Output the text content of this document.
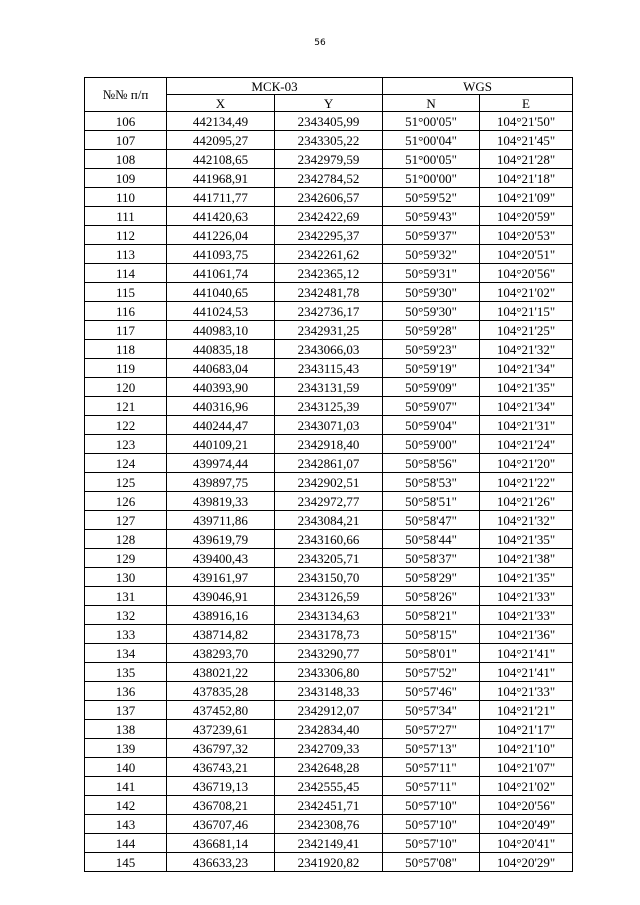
56
№№ п/п	МСК-03		WGS	
	X	Y	N	E
106	442134,49	2343405,99	51°00'05"	104°21'50"
107	442095,27	2343305,22	51°00'04"	104°21'45"
108	442108,65	2342979,59	51°00'05"	104°21'28"
109	441968,91	2342784,52	51°00'00"	104°21'18"
110	441711,77	2342606,57	50°59'52"	104°21'09"
111	441420,63	2342422,69	50°59'43"	104°20'59"
112	441226,04	2342295,37	50°59'37"	104°20'53"
113	441093,75	2342261,62	50°59'32"	104°20'51"
114	441061,74	2342365,12	50°59'31"	104°20'56"
115	441040,65	2342481,78	50°59'30"	104°21'02"
116	441024,53	2342736,17	50°59'30"	104°21'15"
117	440983,10	2342931,25	50°59'28"	104°21'25"
118	440835,18	2343066,03	50°59'23"	104°21'32"
119	440683,04	2343115,43	50°59'19"	104°21'34"
120	440393,90	2343131,59	50°59'09"	104°21'35"
121	440316,96	2343125,39	50°59'07"	104°21'34"
122	440244,47	2343071,03	50°59'04"	104°21'31"
123	440109,21	2342918,40	50°59'00"	104°21'24"
124	439974,44	2342861,07	50°58'56"	104°21'20"
125	439897,75	2342902,51	50°58'53"	104°21'22"
126	439819,33	2342972,77	50°58'51"	104°21'26"
127	439711,86	2343084,21	50°58'47"	104°21'32"
128	439619,79	2343160,66	50°58'44"	104°21'35"
129	439400,43	2343205,71	50°58'37"	104°21'38"
130	439161,97	2343150,70	50°58'29"	104°21'35"
131	439046,91	2343126,59	50°58'26"	104°21'33"
132	438916,16	2343134,63	50°58'21"	104°21'33"
133	438714,82	2343178,73	50°58'15"	104°21'36"
134	438293,70	2343290,77	50°58'01"	104°21'41"
135	438021,22	2343306,80	50°57'52"	104°21'41"
136	437835,28	2343148,33	50°57'46"	104°21'33"
137	437452,80	2342912,07	50°57'34"	104°21'21"
138	437239,61	2342834,40	50°57'27"	104°21'17"
139	436797,32	2342709,33	50°57'13"	104°21'10"
140	436743,21	2342648,28	50°57'11"	104°21'07"
141	436719,13	2342555,45	50°57'11"	104°21'02"
142	436708,21	2342451,71	50°57'10"	104°20'56"
143	436707,46	2342308,76	50°57'10"	104°20'49"
144	436681,14	2342149,41	50°57'10"	104°20'41"
145	436633,23	2341920,82	50°57'08"	104°20'29"
